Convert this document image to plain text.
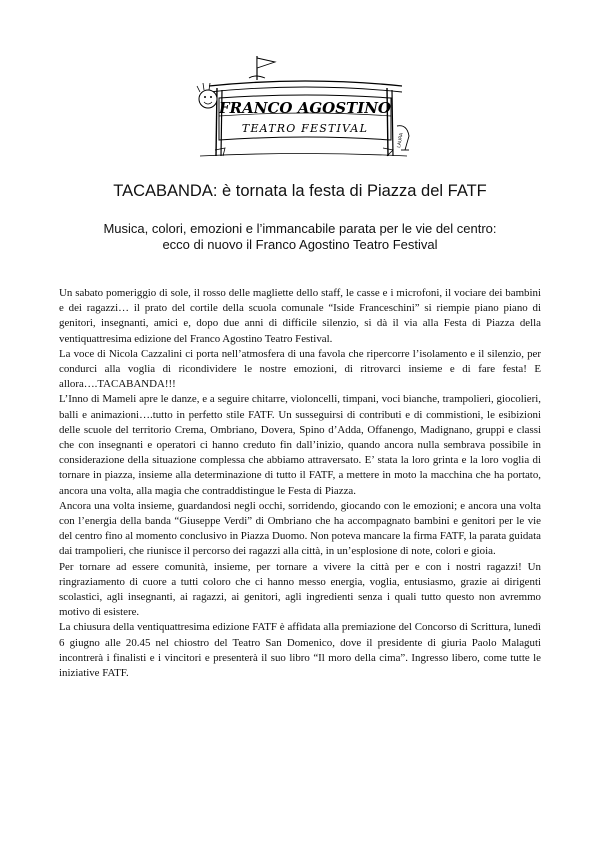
FRANCO AGOSTINO
TEATRO FESTIVAL
LAURA
TACABANDA: è tornata la festa di Piazza del FATF
Musica, colori, emozioni e l’immancabile parata per le vie del centro:
ecco di nuovo il Franco Agostino Teatro Festival

Un sabato pomeriggio di sole, il rosso delle magliette dello staff, le casse e i microfoni, il vociare dei bambini e dei ragazzi… il prato del cortile della scuola comunale “Iside Franceschini” si riempie piano piano di genitori, insegnanti, amici e, dopo due anni di difficile silenzio, si dà il via alla Festa di Piazza della ventiquattresima edizione del Franco Agostino Teatro Festival.

La voce di Nicola Cazzalini ci porta nell’atmosfera di una favola che ripercorre l’isolamento e il silenzio, per condurci alla voglia di ricondividere le nostre emozioni, di ritrovarci insieme e di fare festa! E allora….TACABANDA!!!

L’Inno di Mameli apre le danze, e a seguire chitarre, violoncelli, timpani, voci bianche, trampolieri, giocolieri, balli e animazioni….tutto in perfetto stile FATF. Un susseguirsi di contributi e di commistioni, le esibizioni delle scuole del territorio Crema, Ombriano, Dovera, Spino d’Adda, Offanengo, Madignano, gruppi e classi che con insegnanti e operatori ci hanno creduto fin dall’inizio, quando ancora nulla sembrava possibile in considerazione della situazione complessa che abbiamo attraversato. E’ stata la loro grinta e la loro voglia di tornare in piazza, insieme alla determinazione di tutto il FATF, a mettere in moto la macchina che ha portato, ancora una volta, alla magia che contraddistingue le Festa di Piazza.

Ancora una volta insieme, guardandosi negli occhi, sorridendo, giocando con le emozioni; e ancora una volta con l’energia della banda “Giuseppe Verdi” di Ombriano che ha accompagnato bambini e genitori per le vie del centro fino al momento conclusivo in Piazza Duomo. Non poteva mancare la firma FATF, la parata guidata dai trampolieri, che riunisce il percorso dei ragazzi alla città, in un’esplosione di note, colori e gioia.

Per tornare ad essere comunità, insieme, per tornare a vivere la città per e con i nostri ragazzi! Un ringraziamento di cuore a tutti coloro che ci hanno messo energia, voglia, entusiasmo, grazie ai dirigenti scolastici, agli insegnanti, ai ragazzi, ai genitori, agli ingredienti senza i quali tutto questo non avremmo motivo di esistere.

La chiusura della ventiquattresima edizione FATF è affidata alla premiazione del Concorso di Scrittura, lunedì 6 giugno alle 20.45 nel chiostro del Teatro San Domenico, dove il presidente di giuria Paolo Malaguti incontrerà i finalisti e i vincitori e presenterà il suo libro “Il moro della cima”. Ingresso libero, come tutte le iniziative FATF.
